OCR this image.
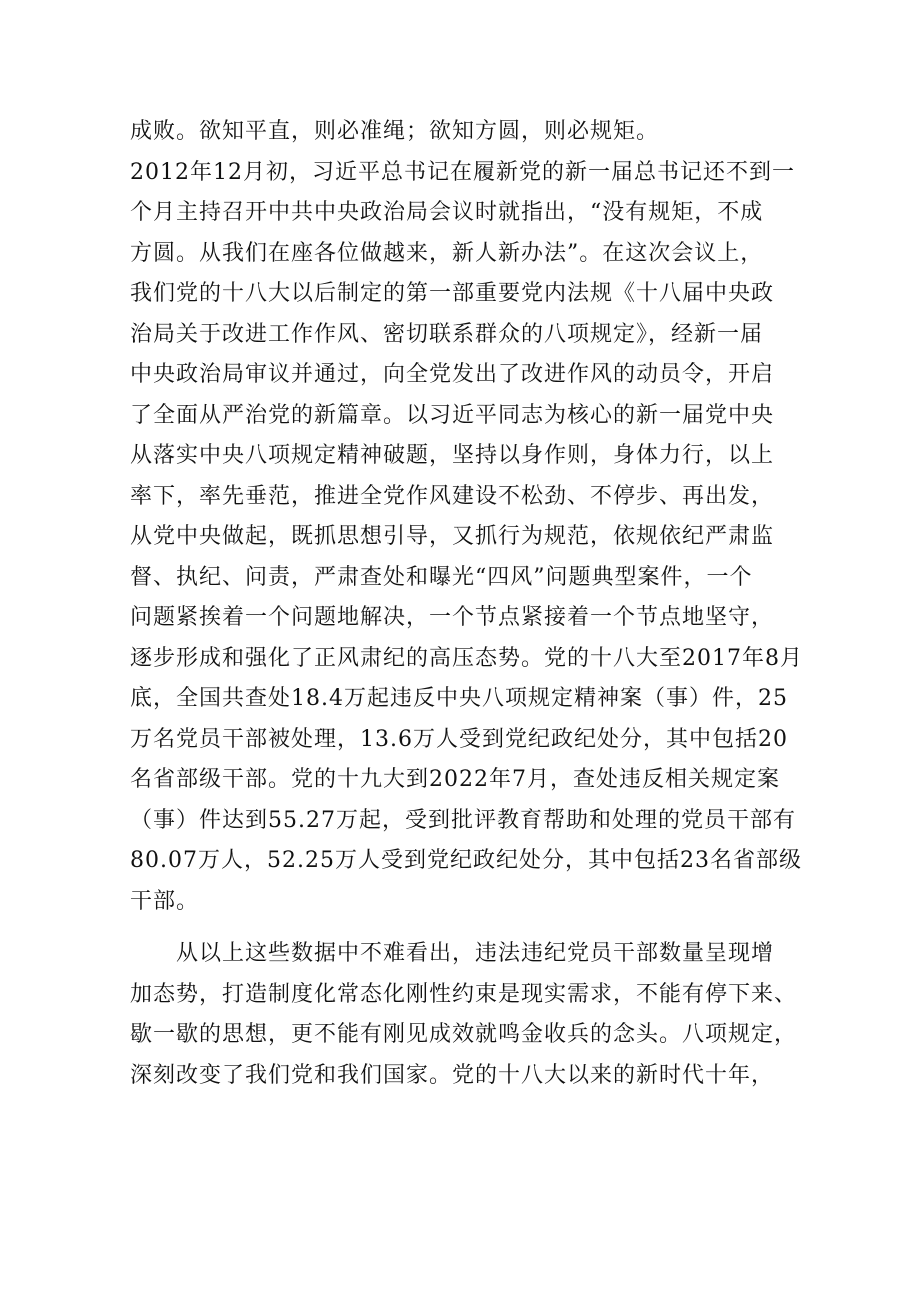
成败。欲知平直，则必准绳；欲知方圆，则必规矩。
2012年12月初，习近平总书记在履新党的新一届总书记还不到一
个月主持召开中共中央政治局会议时就指出，“没有规矩，不成
方圆。从我们在座各位做越来，新人新办法”。在这次会议上，
我们党的十八大以后制定的第一部重要党内法规《十八届中央政
治局关于改进工作作风、密切联系群众的八项规定》，经新一届
中央政治局审议并通过，向全党发出了改进作风的动员令，开启
了全面从严治党的新篇章。以习近平同志为核心的新一届党中央
从落实中央八项规定精神破题，坚持以身作则，身体力行，以上
率下，率先垂范，推进全党作风建设不松劲、不停步、再出发，
从党中央做起，既抓思想引导，又抓行为规范，依规依纪严肃监
督、执纪、问责，严肃查处和曝光“四风”问题典型案件，一个
问题紧挨着一个问题地解决，一个节点紧接着一个节点地坚守，
逐步形成和强化了正风肃纪的高压态势。党的十八大至2017年8月
底，全国共查处18.4万起违反中央八项规定精神案（事）件，25
万名党员干部被处理，13.6万人受到党纪政纪处分，其中包括20
名省部级干部。党的十九大到2022年7月，查处违反相关规定案
（事）件达到55.27万起，受到批评教育帮助和处理的党员干部有
80.07万人，52.25万人受到党纪政纪处分，其中包括23名省部级
干部。
从以上这些数据中不难看出，违法违纪党员干部数量呈现增
加态势，打造制度化常态化刚性约束是现实需求，不能有停下来、
歇一歇的思想，更不能有刚见成效就鸣金收兵的念头。八项规定，
深刻改变了我们党和我们国家。党的十八大以来的新时代十年，
